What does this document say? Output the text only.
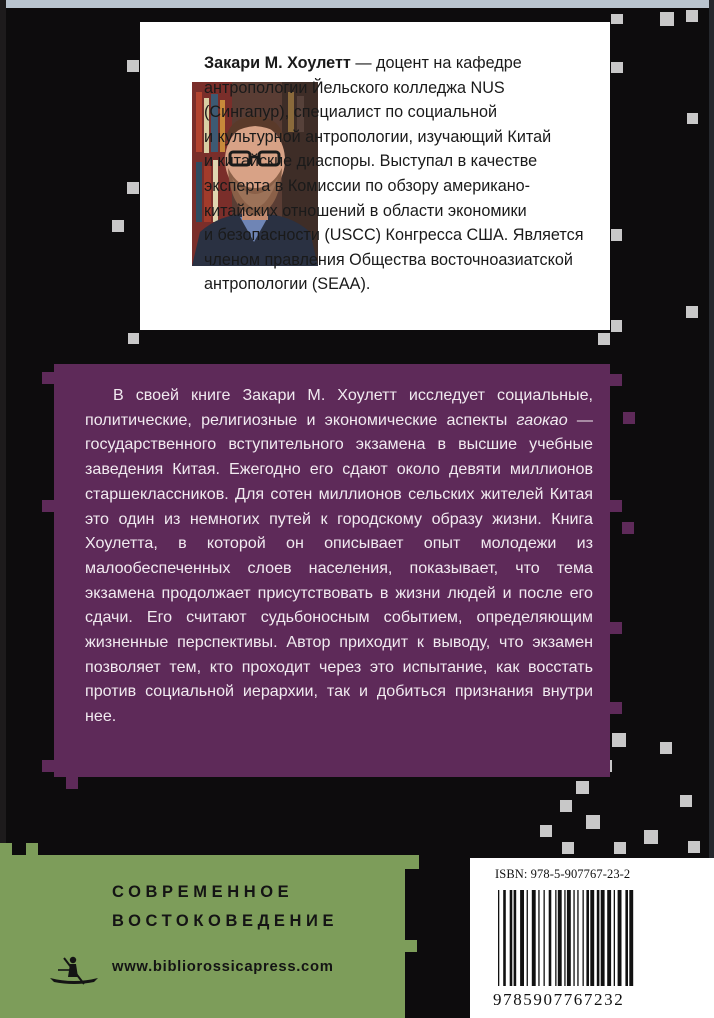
Закари М. Хоулетт — доцент на кафедре
антропологии Йельского колледжа NUS
(Сингапур), специалист по социальной
и культурной антропологии, изучающий Китай
и китайские диаспоры. Выступал в качестве
эксперта в Комиссии по обзору американо-
китайских отношений в области экономики
и безопасности (USCC) Конгресса США. Является
членом правления Общества восточноазиатской
антропологии (SEAA).

В своей книге Закари М. Хоулетт исследует социальные, политические, религиозные и экономические аспекты гаокао —государственного вступительного экзамена в высшие учебные заведения Китая. Ежегодно его сдают около девяти миллионов старшеклассников. Для сотен миллионов сельских жителей Китая это один из немногих путей к городскому образу жизни. Книга Хоулетта, в которой он описывает опыт молодежи из малообеспеченных слоев населения, показывает, что тема экзамена продолжает присутствовать в жизни людей и после его сдачи. Его считают судьбоносным событием, определяющим жизненные перспективы. Автор приходит к выводу, что экзамен позволяет тем, кто проходит через это испытание, как восстать против социальной иерархии, так и добиться признания внутри нее.

СОВРЕМЕННОЕ
ВОСТОКОВЕДЕНИЕ
www.bibliorossicapress.com
ISBN: 978-5-907767-23-2
9785907767232
